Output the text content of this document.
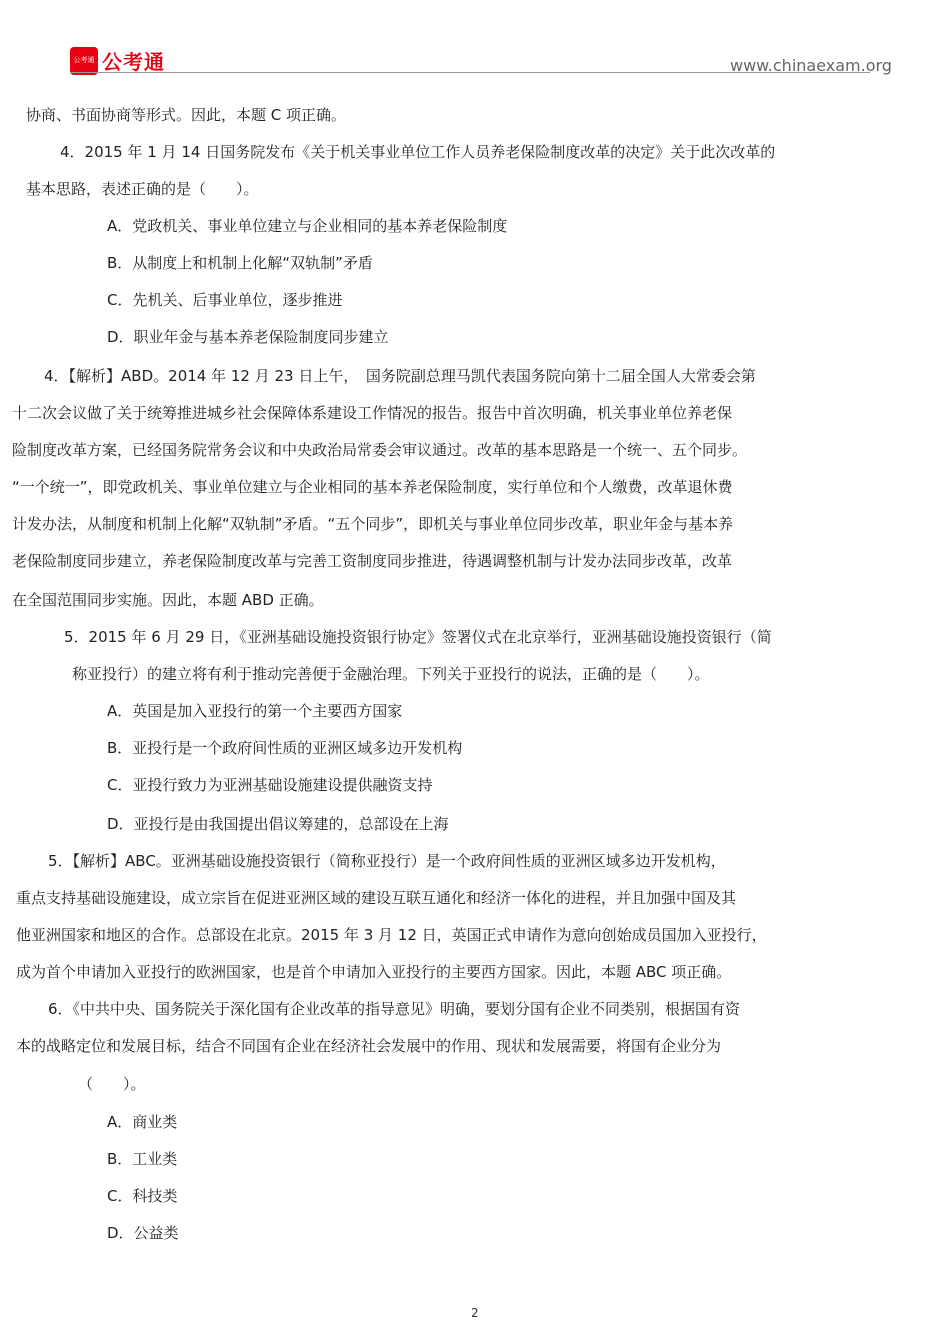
公考通 公考通	www.chinaexam.org
协商、书面协商等形式。因此，本题 C 项正确。
4．2015 年 1 月 14 日国务院发布《关于机关事业单位工作人员养老保险制度改革的决定》关于此次改革的
基本思路，表述正确的是（　　）。
A．党政机关、事业单位建立与企业相同的基本养老保险制度
B．从制度上和机制上化解“双轨制”矛盾
C．先机关、后事业单位，逐步推进
D．职业年金与基本养老保险制度同步建立
4．【解析】ABD。2014 年 12 月 23 日上午，　国务院副总理马凯代表国务院向第十二届全国人大常委会第
十二次会议做了关于统筹推进城乡社会保障体系建设工作情况的报告。报告中首次明确，机关事业单位养老保
险制度改革方案，已经国务院常务会议和中央政治局常委会审议通过。改革的基本思路是一个统一、五个同步。
“一个统一”，即党政机关、事业单位建立与企业相同的基本养老保险制度，实行单位和个人缴费，改革退休费
计发办法，从制度和机制上化解“双轨制”矛盾。“五个同步”，即机关与事业单位同步改革，职业年金与基本养
老保险制度同步建立，养老保险制度改革与完善工资制度同步推进，待遇调整机制与计发办法同步改革，改革
在全国范围同步实施。因此，本题 ABD 正确。
5．2015 年 6 月 29 日，《亚洲基础设施投资银行协定》签署仪式在北京举行，亚洲基础设施投资银行（简
称亚投行）的建立将有利于推动完善便于金融治理。下列关于亚投行的说法，正确的是（　　）。
A．英国是加入亚投行的第一个主要西方国家
B．亚投行是一个政府间性质的亚洲区域多边开发机构
C．亚投行致力为亚洲基础设施建设提供融资支持
D．亚投行是由我国提出倡议筹建的，总部设在上海
5．【解析】ABC。亚洲基础设施投资银行（简称亚投行）是一个政府间性质的亚洲区域多边开发机构，
重点支持基础设施建设，成立宗旨在促进亚洲区域的建设互联互通化和经济一体化的进程，并且加强中国及其
他亚洲国家和地区的合作。总部设在北京。2015 年 3 月 12 日，英国正式申请作为意向创始成员国加入亚投行，
成为首个申请加入亚投行的欧洲国家，也是首个申请加入亚投行的主要西方国家。因此，本题 ABC 项正确。
6．《中共中央、国务院关于深化国有企业改革的指导意见》明确，要划分国有企业不同类别，根据国有资
本的战略定位和发展目标，结合不同国有企业在经济社会发展中的作用、现状和发展需要，将国有企业分为
（　　）。
A．商业类
B．工业类
C．科技类
D．公益类
2
